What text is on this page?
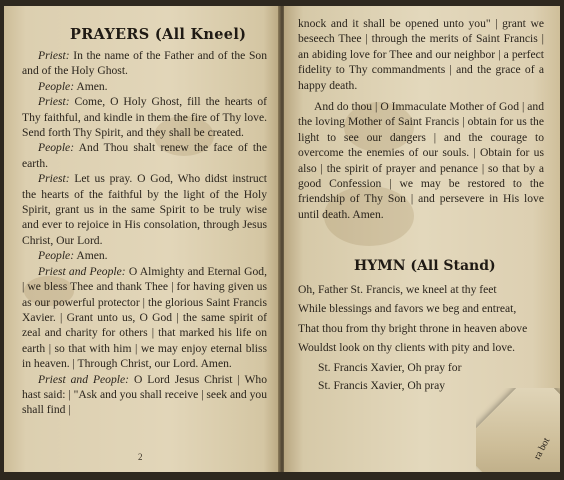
PRAYERS (All Kneel)

Priest: In the name of the Father and of the Son and of the Holy Ghost.

People: Amen.

Priest: Come, O Holy Ghost, fill the hearts of Thy faithful, and kindle in them the fire of Thy love. Send forth Thy Spirit, and they shall be created.

People: And Thou shalt renew the face of the earth.

Priest: Let us pray. O God, Who didst instruct the hearts of the faithful by the light of the Holy Spirit, grant us in the same Spirit to be truly wise and ever to rejoice in His consolation, through Jesus Christ, Our Lord.

People: Amen.

Priest and People: O Almighty and Eternal God, | we bless Thee and thank Thee | for having given us as our powerful protector | the glorious Saint Francis Xavier. | Grant unto us, O God | the same spirit of zeal and charity for others | that marked his life on earth | so that with him | we may enjoy eternal bliss in heaven. | Through Christ, our Lord. Amen.

Priest and People: O Lord Jesus Christ | Who hast said: | "Ask and you shall receive | seek and you shall find |

2

knock and it shall be opened unto you" | grant we beseech Thee | through the merits of Saint Francis | an abiding love for Thee and our neighbor | a perfect fidelity to Thy commandments | and the grace of a happy death.

And do thou | O Immaculate Mother of God | and the loving Mother of Saint Francis | obtain for us the light to see our dangers | and the courage to overcome the enemies of our souls. | Obtain for us also | the spirit of prayer and penance | so that by a good Confession | we may be restored to the friendship of Thy Son | and persevere in His love until death. Amen.

HYMN (All Stand)

Oh, Father St. Francis, we kneel at thy feet

While blessings and favors we beg and entreat,

That thou from thy bright throne in heaven above

Wouldst look on thy clients with pity and love.

St. Francis Xavier, Oh pray for

St. Francis Xavier, Oh pray

ra bot
